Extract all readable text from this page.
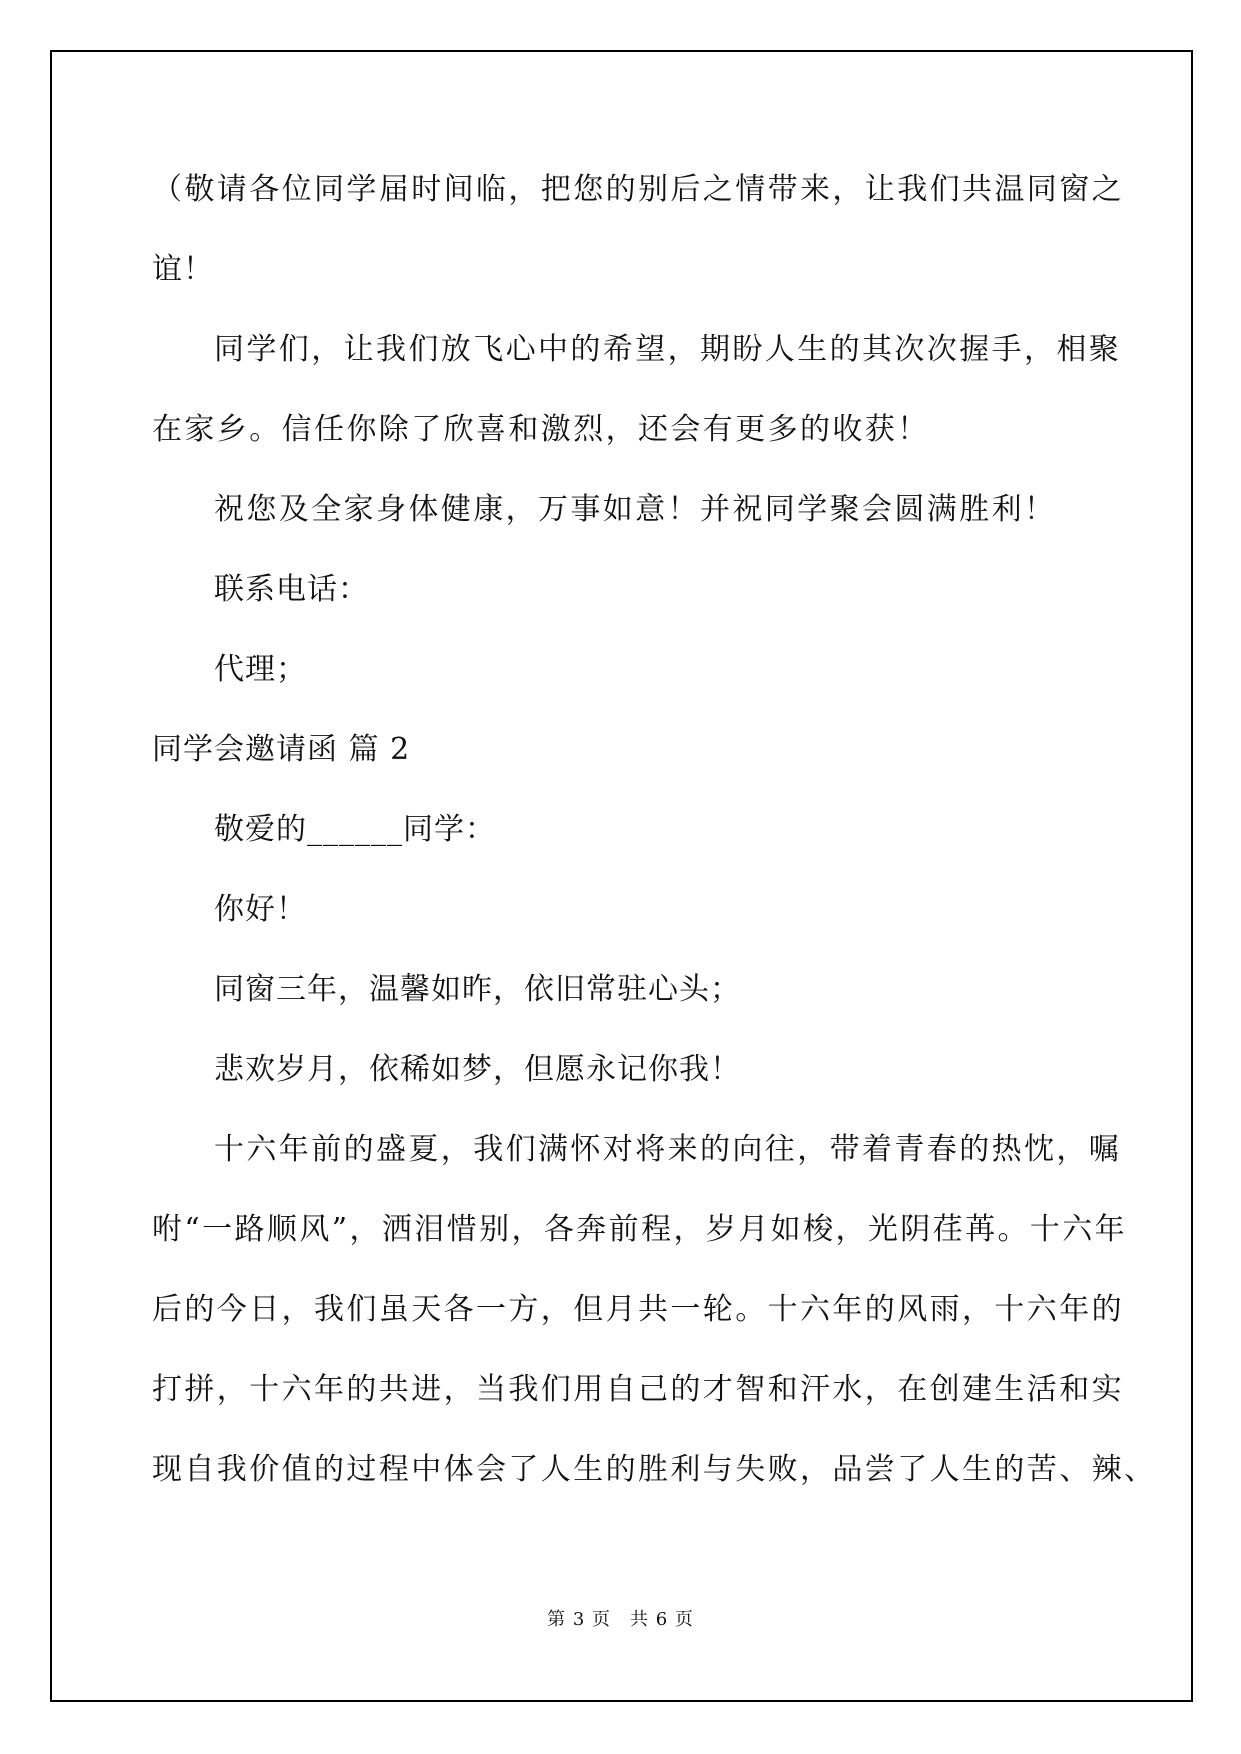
（敬请各位同学届时间临，把您的别后之情带来，让我们共温同窗之
谊！
同学们，让我们放飞心中的希望，期盼人生的其次次握手，相聚
在家乡。信任你除了欣喜和激烈，还会有更多的收获！
祝您及全家身体健康，万事如意！并祝同学聚会圆满胜利！
联系电话：
代理；
同学会邀请函 篇 2
敬爱的______同学：
你好！
同窗三年，温馨如昨，依旧常驻心头；
悲欢岁月，依稀如梦，但愿永记你我！
十六年前的盛夏，我们满怀对将来的向往，带着青春的热忱，嘱
咐“一路顺风”，洒泪惜别，各奔前程，岁月如梭，光阴荏苒。十六年
后的今日，我们虽天各一方，但月共一轮。十六年的风雨，十六年的
打拼，十六年的共进，当我们用自己的才智和汗水，在创建生活和实
现自我价值的过程中体会了人生的胜利与失败，品尝了人生的苦、辣、
第 3 页　共 6 页
